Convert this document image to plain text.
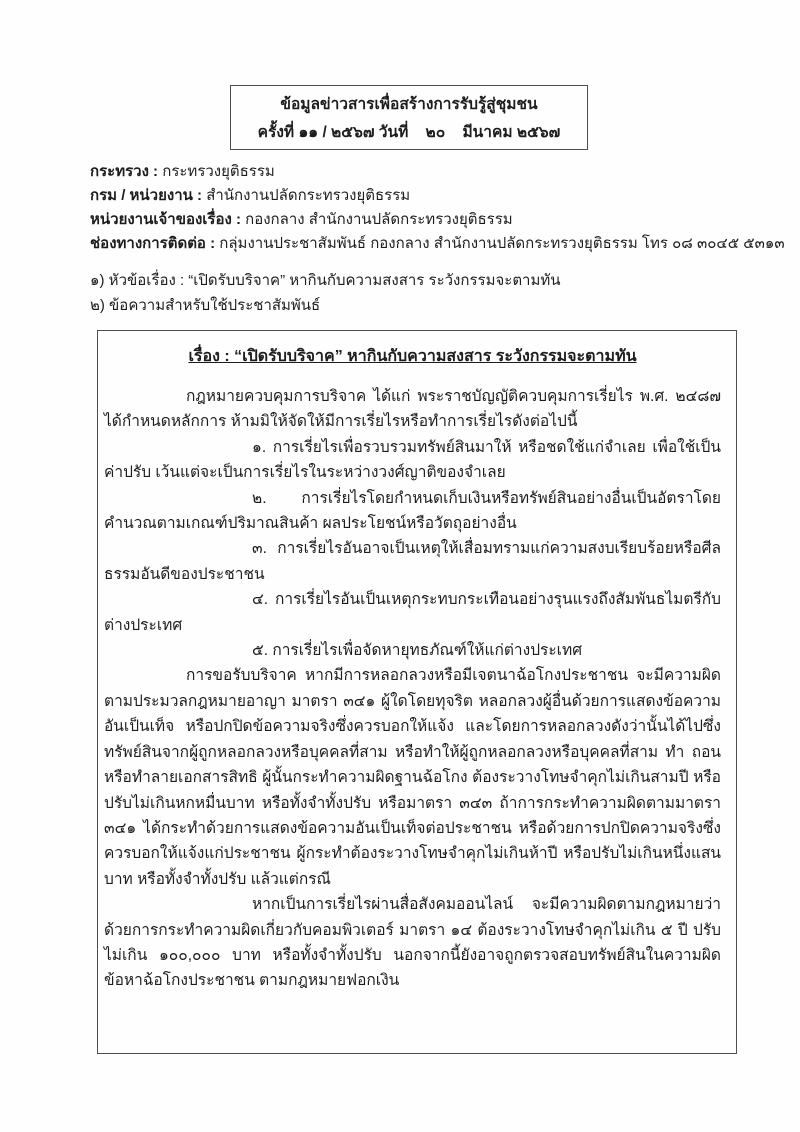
ข้อมูลข่าวสารเพื่อสร้างการรับรู้สู่ชุมชน
ครั้งที่ ๑๑ / ๒๕๖๗ วันที่    ๒๐    มีนาคม ๒๕๖๗
กระทรวง : กระทรวงยุติธรรม
กรม / หน่วยงาน : สำนักงานปลัดกระทรวงยุติธรรม
หน่วยงานเจ้าของเรื่อง : กองกลาง สำนักงานปลัดกระทรวงยุติธรรม
ช่องทางการติดต่อ : กลุ่มงานประชาสัมพันธ์ กองกลาง สำนักงานปลัดกระทรวงยุติธรรม โทร ๐๘ ๓๐๔๕ ๕๓๑๓
๑) หัวข้อเรื่อง : “เปิดรับบริจาค” หากินกับความสงสาร ระวังกรรมจะตามทัน
๒) ข้อความสำหรับใช้ประชาสัมพันธ์
เรื่อง : “เปิดรับบริจาค” หากินกับความสงสาร ระวังกรรมจะตามทัน

กฎหมายควบคุมการบริจาค ได้แก่ พระราชบัญญัติควบคุมการเรี่ยไร พ.ศ. ๒๔๘๗ ได้กำหนดหลักการ ห้ามมิให้จัดให้มีการเรี่ยไรหรือทำการเรี่ยไรดังต่อไปนี้

๑. การเรี่ยไรเพื่อรวบรวมทรัพย์สินมาให้ หรือชดใช้แก่จำเลย เพื่อใช้เป็นค่าปรับ เว้นแต่จะเป็นการเรี่ยไรในระหว่างวงศ์ญาติของจำเลย

๒. การเรี่ยไรโดยกำหนดเก็บเงินหรือทรัพย์สินอย่างอื่นเป็นอัตราโดยคำนวณตามเกณฑ์ปริมาณสินค้า ผลประโยชน์หรือวัตถุอย่างอื่น

๓. การเรี่ยไรอันอาจเป็นเหตุให้เสื่อมทรามแก่ความสงบเรียบร้อยหรือศีลธรรมอันดีของประชาชน

๔. การเรี่ยไรอันเป็นเหตุกระทบกระเทือนอย่างรุนแรงถึงสัมพันธไมตรีกับต่างประเทศ

๕. การเรี่ยไรเพื่อจัดหายุทธภัณฑ์ให้แก่ต่างประเทศ

การขอรับบริจาค หากมีการหลอกลวงหรือมีเจตนาฉ้อโกงประชาชน จะมีความผิดตามประมวลกฎหมายอาญา มาตรา ๓๔๑ ผู้ใดโดยทุจริต หลอกลวงผู้อื่นด้วยการแสดงข้อความอันเป็นเท็จ หรือปกปิดข้อความจริงซึ่งควรบอกให้แจ้ง และโดยการหลอกลวงดังว่านั้นได้ไปซึ่งทรัพย์สินจากผู้ถูกหลอกลวงหรือบุคคลที่สาม หรือทำให้ผู้ถูกหลอกลวงหรือบุคคลที่สาม ทำ ถอน หรือทำลายเอกสารสิทธิ ผู้นั้นกระทำความผิดฐานฉ้อโกง ต้องระวางโทษจำคุกไม่เกินสามปี หรือปรับไม่เกินหกหมื่นบาท หรือทั้งจำทั้งปรับ หรือมาตรา ๓๔๓ ถ้าการกระทำความผิดตามมาตรา ๓๔๑ ได้กระทำด้วยการแสดงข้อความอันเป็นเท็จต่อประชาชน หรือด้วยการปกปิดความจริงซึ่งควรบอกให้แจ้งแก่ประชาชน ผู้กระทำต้องระวางโทษจำคุกไม่เกินห้าปี หรือปรับไม่เกินหนึ่งแสนบาท หรือทั้งจำทั้งปรับ แล้วแต่กรณี

หากเป็นการเรี่ยไรผ่านสื่อสังคมออนไลน์ จะมีความผิดตามกฎหมายว่าด้วยการกระทำความผิดเกี่ยวกับคอมพิวเตอร์ มาตรา ๑๔ ต้องระวางโทษจำคุกไม่เกิน ๕ ปี ปรับไม่เกิน ๑๐๐,๐๐๐ บาท หรือทั้งจำทั้งปรับ นอกจากนี้ยังอาจถูกตรวจสอบทรัพย์สินในความผิดข้อหาฉ้อโกงประชาชน ตามกฎหมายฟอกเงิน
